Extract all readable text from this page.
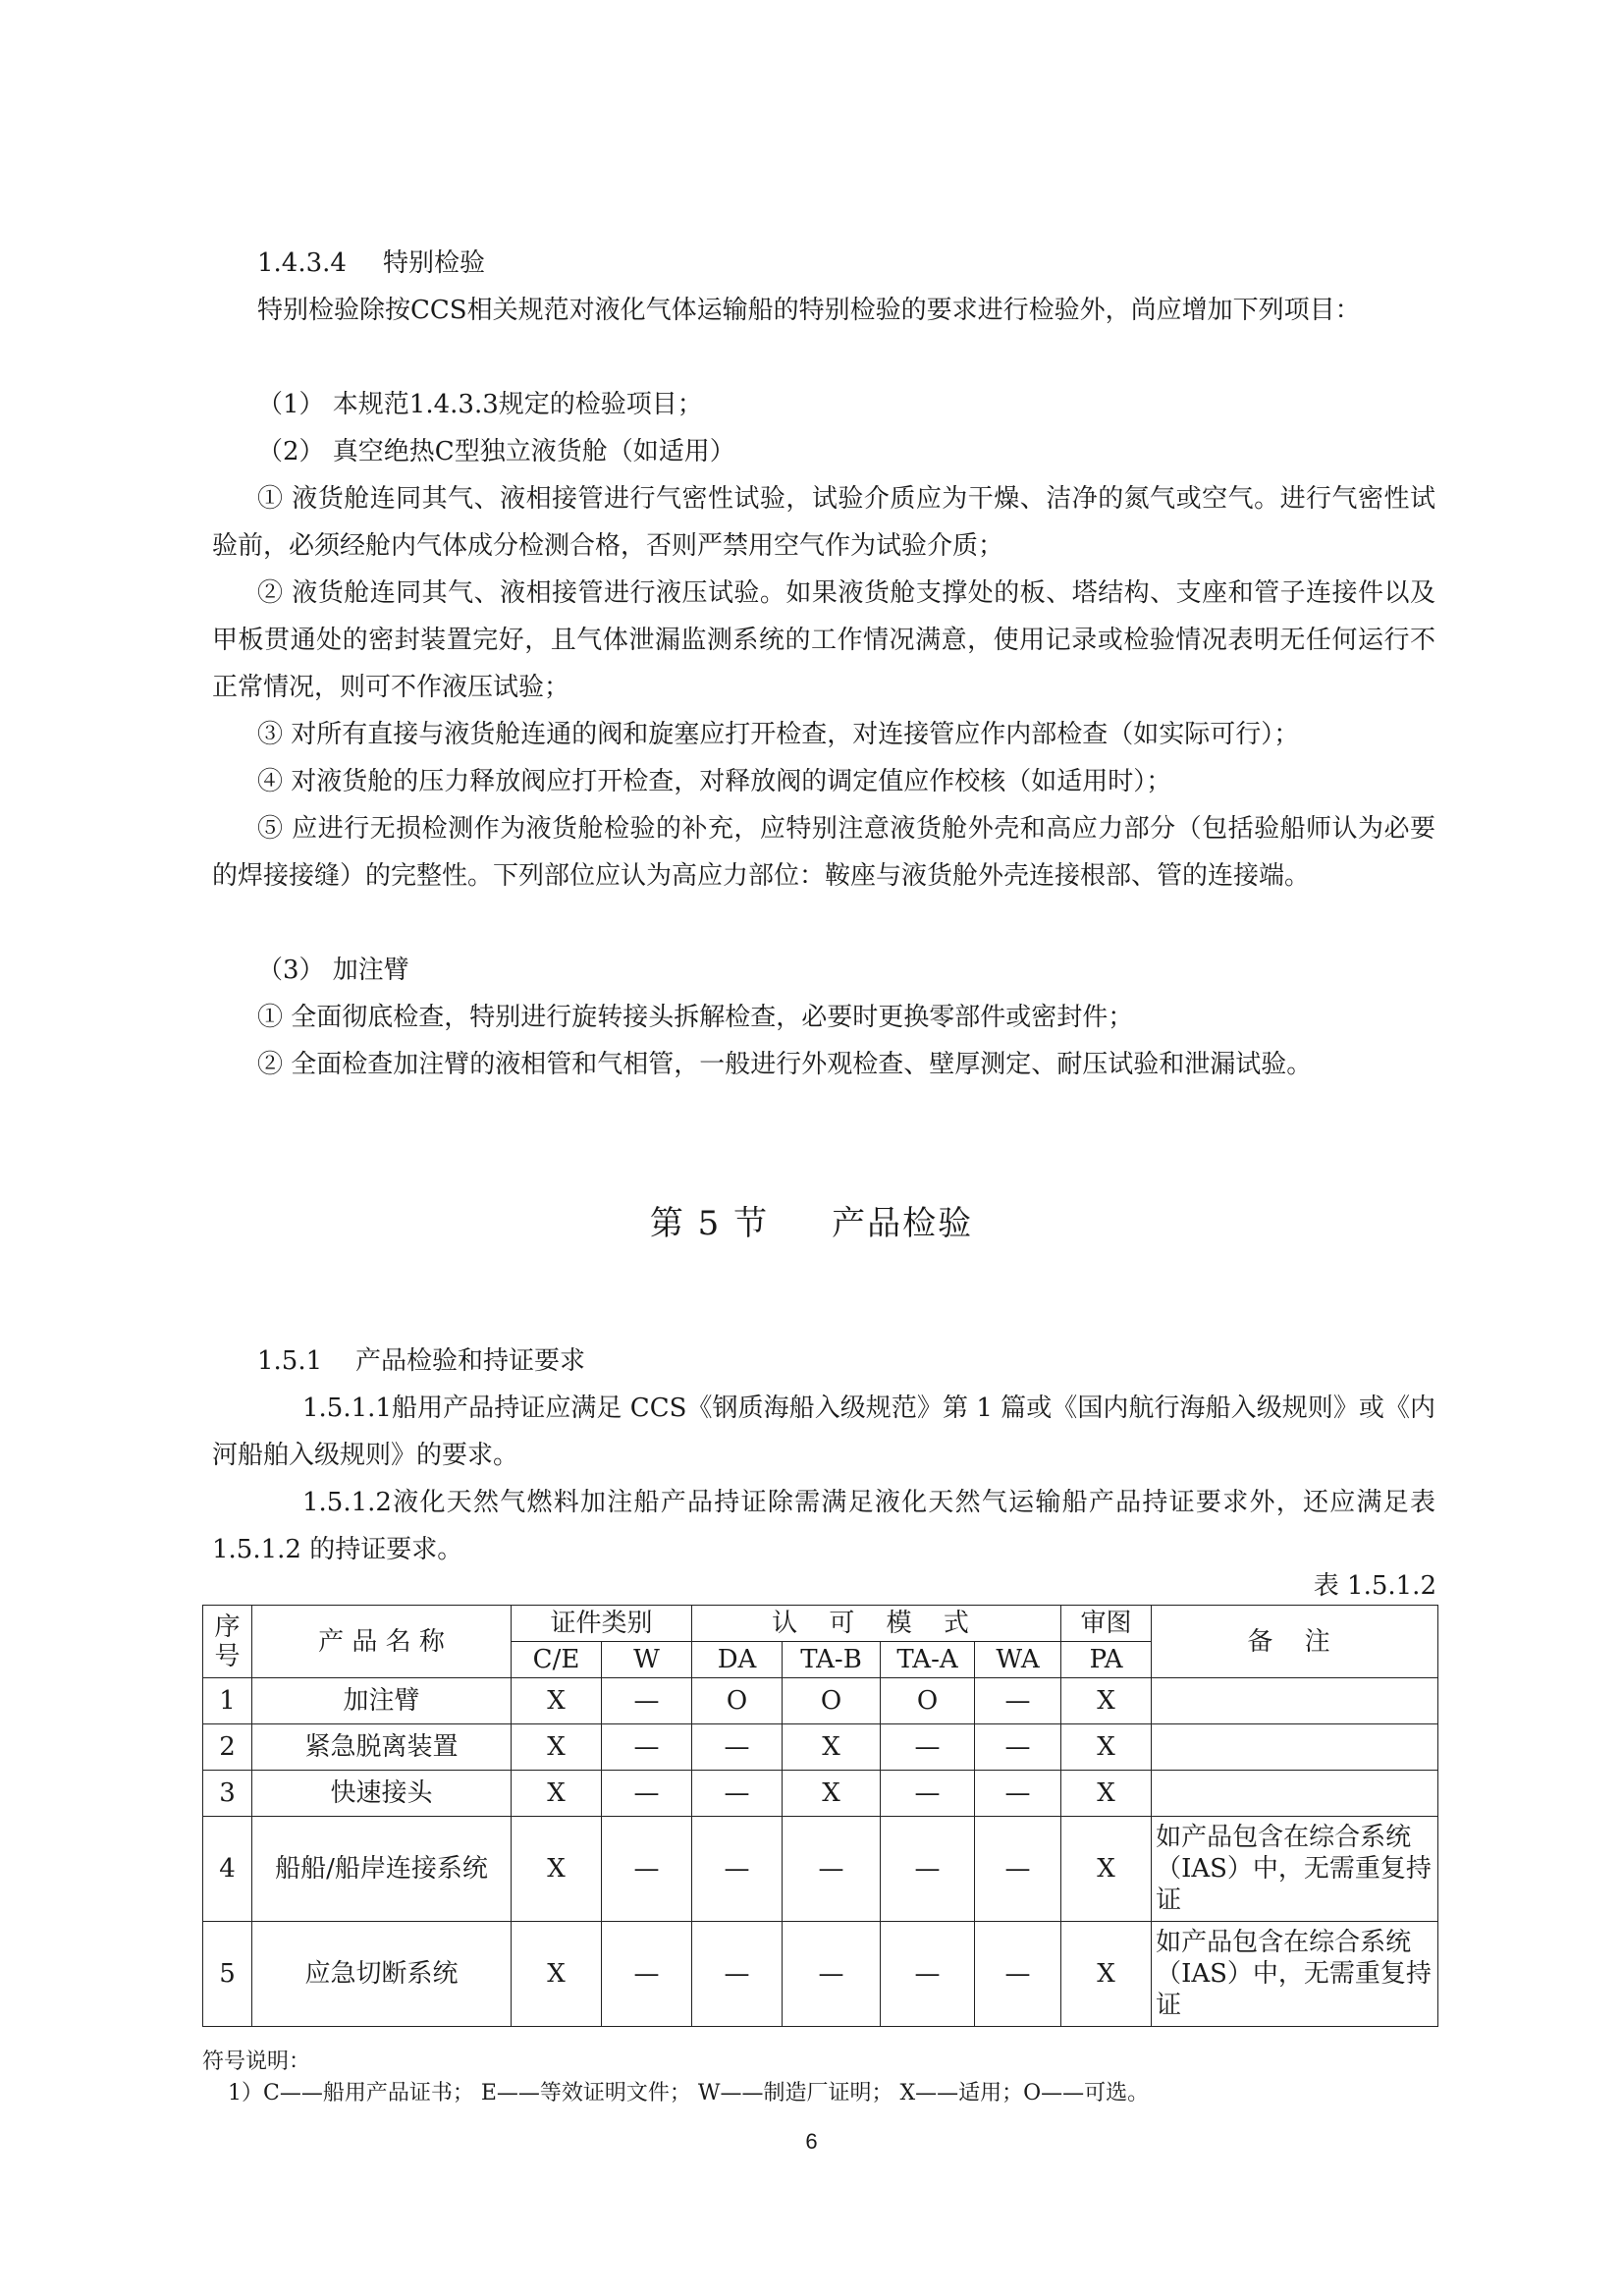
1.4.3.4 特别检验

特别检验除按CCS相关规范对液化气体运输船的特别检验的要求进行检验外，尚应增加下列项目：

（1） 本规范1.4.3.3规定的检验项目；

（2） 真空绝热C型独立液货舱（如适用）

① 液货舱连同其气、液相接管进行气密性试验，试验介质应为干燥、洁净的氮气或空气。进行气密性试验前，必须经舱内气体成分检测合格，否则严禁用空气作为试验介质；

② 液货舱连同其气、液相接管进行液压试验。如果液货舱支撑处的板、塔结构、支座和管子连接件以及甲板贯通处的密封装置完好，且气体泄漏监测系统的工作情况满意，使用记录或检验情况表明无任何运行不正常情况，则可不作液压试验；

③ 对所有直接与液货舱连通的阀和旋塞应打开检查，对连接管应作内部检查（如实际可行）；

④ 对液货舱的压力释放阀应打开检查，对释放阀的调定值应作校核（如适用时）；

⑤ 应进行无损检测作为液货舱检验的补充，应特别注意液货舱外壳和高应力部分（包括验船师认为必要的焊接接缝）的完整性。下列部位应认为高应力部位：鞍座与液货舱外壳连接根部、管的连接端。

（3） 加注臂

① 全面彻底检查，特别进行旋转接头拆解检查，必要时更换零部件或密封件；

② 全面检查加注臂的液相管和气相管，一般进行外观检查、壁厚测定、耐压试验和泄漏试验。

第 5 节 产品检验

1.5.1 产品检验和持证要求

1.5.1.1船用产品持证应满足 CCS《钢质海船入级规范》第 1 篇或《国内航行海船入级规则》或《内河船舶入级规则》的要求。

1.5.1.2液化天然气燃料加注船产品持证除需满足液化天然气运输船产品持证要求外，还应满足表 1.5.1.2 的持证要求。

表 1.5.1.2

序号	产 品 名 称	证件类别		认 可 模 式				审图	备 注
		C/E	W	DA	TA-B	TA-A	WA	PA	
1	加注臂	X	—	O	O	O	—	X	
2	紧急脱离装置	X	—	—	X	—	—	X	
3	快速接头	X	—	—	X	—	—	X	
4	船船/船岸连接系统	X	—	—	—	—	—	X	如产品包含在综合系统（IAS）中，无需重复持证
5	应急切断系统	X	—	—	—	—	—	X	如产品包含在综合系统（IAS）中，无需重复持证

符号说明：

1）C——船用产品证书； E——等效证明文件； W——制造厂证明； X——适用；O——可选。

6
